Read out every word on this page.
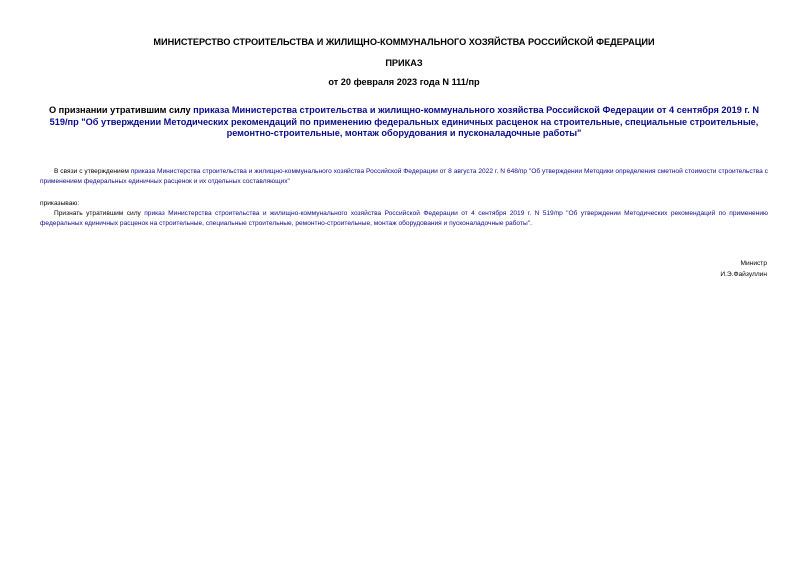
МИНИСТЕРСТВО СТРОИТЕЛЬСТВА И ЖИЛИЩНО-КОММУНАЛЬНОГО ХОЗЯЙСТВА РОССИЙСКОЙ ФЕДЕРАЦИИ
ПРИКАЗ
от 20 февраля 2023 года N 111/пр
О признании утратившим силу приказа Министерства строительства и жилищно-коммунального хозяйства Российской Федерации от 4 сентября 2019 г. N 519/пр "Об утверждении Методических рекомендаций по применению федеральных единичных расценок на строительные, специальные строительные, ремонтно-строительные, монтаж оборудования и пусконаладочные работы"
В связи с утверждением приказа Министерства строительства и жилищно-коммунального хозяйства Российской Федерации от 8 августа 2022 г. N 648/пр "Об утверждении Методики определения сметной стоимости строительства с применением федеральных единичных расценок и их отдельных составляющих"
приказываю:
Признать утратившим силу приказ Министерства строительства и жилищно-коммунального хозяйства Российской Федерации от 4 сентября 2019 г. N 519/пр "Об утверждении Методических рекомендаций по применению федеральных единичных расценок на строительные, специальные строительные, ремонтно-строительные, монтаж оборудования и пусконаладочные работы".
Министр
И.Э.Файзуллин
